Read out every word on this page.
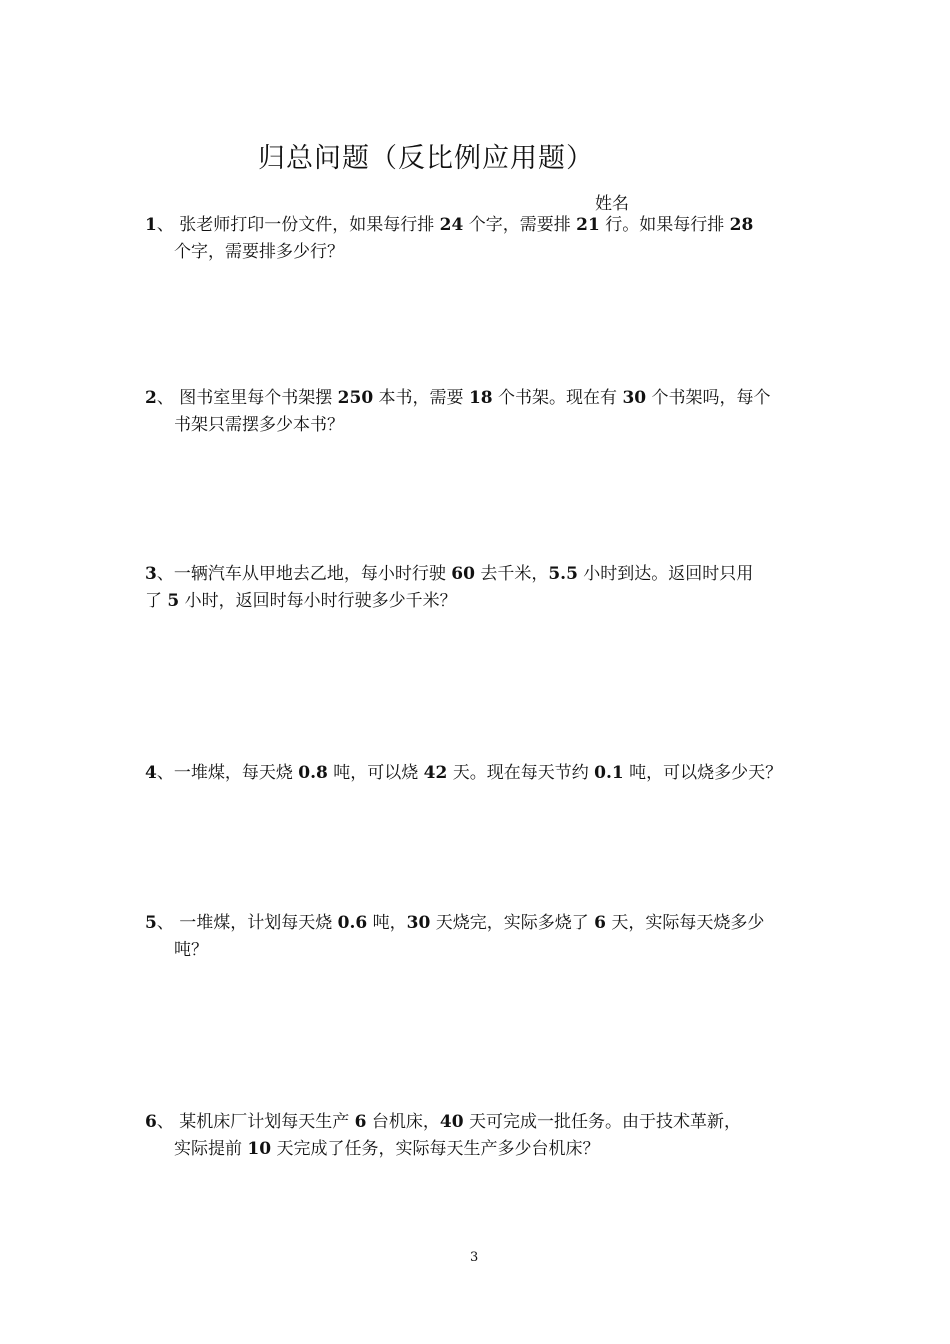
归总问题（反比例应用题）
姓名
1、 张老师打印一份文件，如果每行排 24 个字，需要排 21 行。如果每行排 28
个字，需要排多少行？
2、 图书室里每个书架摆 250 本书，需要 18 个书架。现在有 30 个书架吗，每个
书架只需摆多少本书？
3、一辆汽车从甲地去乙地，每小时行驶 60 去千米，5.5 小时到达。返回时只用
了 5 小时，返回时每小时行驶多少千米？
4、一堆煤，每天烧 0.8 吨，可以烧 42 天。现在每天节约 0.1 吨，可以烧多少天？
5、 一堆煤，计划每天烧 0.6 吨，30 天烧完，实际多烧了 6 天，实际每天烧多少
吨？
6、 某机床厂计划每天生产 6 台机床，40 天可完成一批任务。由于技术革新，
实际提前 10 天完成了任务，实际每天生产多少台机床？
3
